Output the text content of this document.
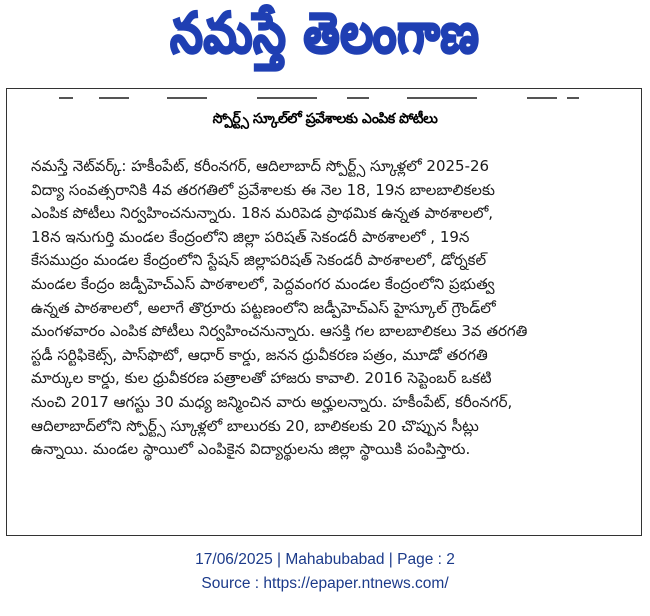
నమస్తే తెలంగాణ
స్పోర్ట్స్ స్కూల్‌లో ప్రవేశాలకు ఎంపిక పోటీలు
నమస్తే నెట్‌వర్క్: హకీంపేట్, కరీంనగర్, ఆదిలాబాద్ స్పోర్ట్స్ స్కూళ్లలో 2025-26
విద్యా సంవత్సరానికి 4వ తరగతిలో ప్రవేశాలకు ఈ నెల 18, 19న బాలబాలికలకు
ఎంపిక పోటీలు నిర్వహించనున్నారు. 18న మరిపెడ ప్రాథమిక ఉన్నత పాఠశాలలో,
18న ఇనుగుర్తి మండల కేంద్రంలోని జిల్లా పరిషత్ సెకండరీ పాఠశాలలో , 19న
కేసముద్రం మండల కేంద్రంలోని స్టేషన్ జిల్లాపరిషత్ సెకండరీ పాఠశాలలో, డోర్నకల్
మండల కేంద్రం జడ్పీహెచ్ఎస్ పాఠశాలలో, పెద్దవంగర మండల కేంద్రంలోని ప్రభుత్వ
ఉన్నత పాఠశాలలో, అలాగే తొర్రూరు పట్టణంలోని జడ్పీహెచ్ఎస్ హైస్కూల్ గ్రౌండ్‌లో
మంగళవారం ఎంపిక పోటీలు నిర్వహించనున్నారు. ఆసక్తి గల బాలబాలికలు 3వ తరగతి
స్టడీ సర్టిఫికెట్స్, పాస్‌ఫొటో, ఆధార్ కార్డు, జనన ధ్రువీకరణ పత్రం, మూడో తరగతి
మార్కుల కార్డు, కుల ధ్రువీకరణ పత్రాలతో హాజరు కావాలి. 2016 సెప్టెంబర్ ఒకటి
నుంచి 2017 ఆగస్టు 30 మధ్య జన్మించిన వారు అర్హులన్నారు. హకీంపేట్, కరీంనగర్,
ఆదిలాబాద్‌లోని స్పోర్ట్స్ స్కూళ్లలో బాలురకు 20, బాలికలకు 20 చొప్పున సీట్లు
ఉన్నాయి. మండల స్థాయిలో ఎంపికైన విద్యార్థులను జిల్లా స్థాయికి పంపిస్తారు.
17/06/2025 | Mahabubabad | Page : 2
Source : https://epaper.ntnews.com/
